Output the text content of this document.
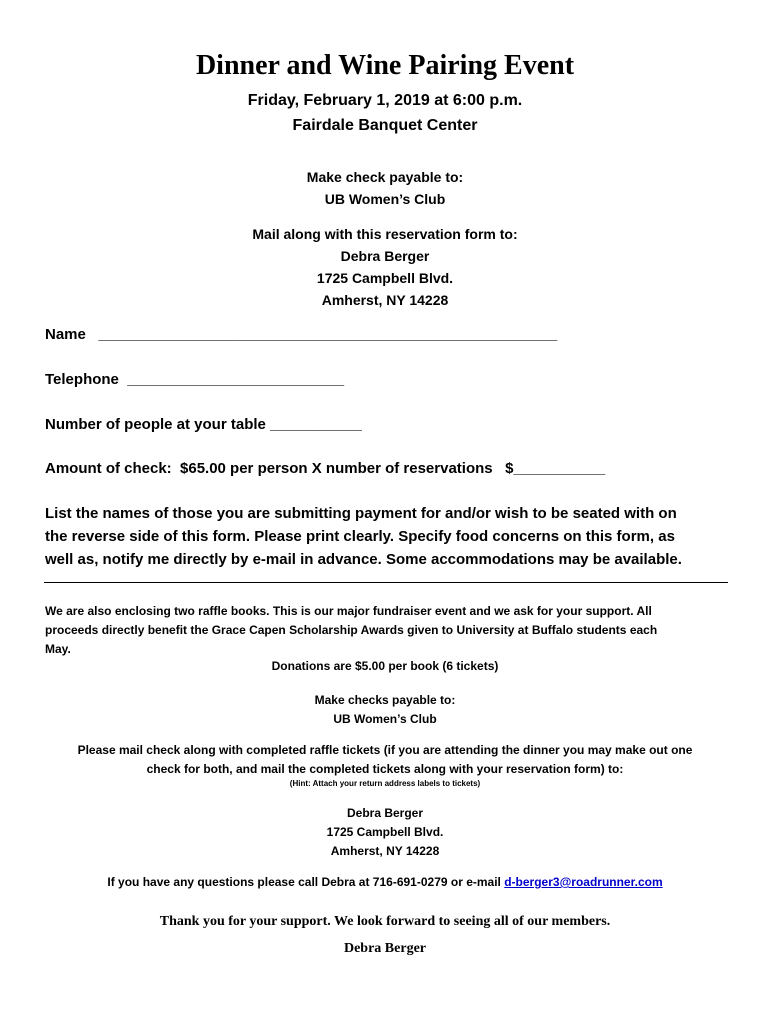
Dinner and Wine Pairing Event
Friday, February 1, 2019 at 6:00 p.m.
Fairdale Banquet Center
Make check payable to:
UB Women’s Club
Mail along with this reservation form to:
Debra Berger
1725 Campbell Blvd.
Amherst, NY 14228
Name   _______________________________________________________
Telephone  __________________________
Number of people at your table ___________
Amount of check:  $65.00 per person X number of reservations   $___________
List the names of those you are submitting payment for and/or wish to be seated with on
the reverse side of this form. Please print clearly. Specify food concerns on this form, as
well as, notify me directly by e-mail in advance. Some accommodations may be available.
We are also enclosing two raffle books. This is our major fundraiser event and we ask for your support. All
proceeds directly benefit the Grace Capen Scholarship Awards given to University at Buffalo students each
May.
Donations are $5.00 per book (6 tickets)
Make checks payable to:
UB Women’s Club
Please mail check along with completed raffle tickets (if you are attending the dinner you may make out one
check for both, and mail the completed tickets along with your reservation form) to:
(Hint: Attach your return address labels to tickets)
Debra Berger
1725 Campbell Blvd.
Amherst, NY 14228
If you have any questions please call Debra at 716-691-0279 or e-mail d-berger3@roadrunner.com
Thank you for your support. We look forward to seeing all of our members.
Debra Berger
